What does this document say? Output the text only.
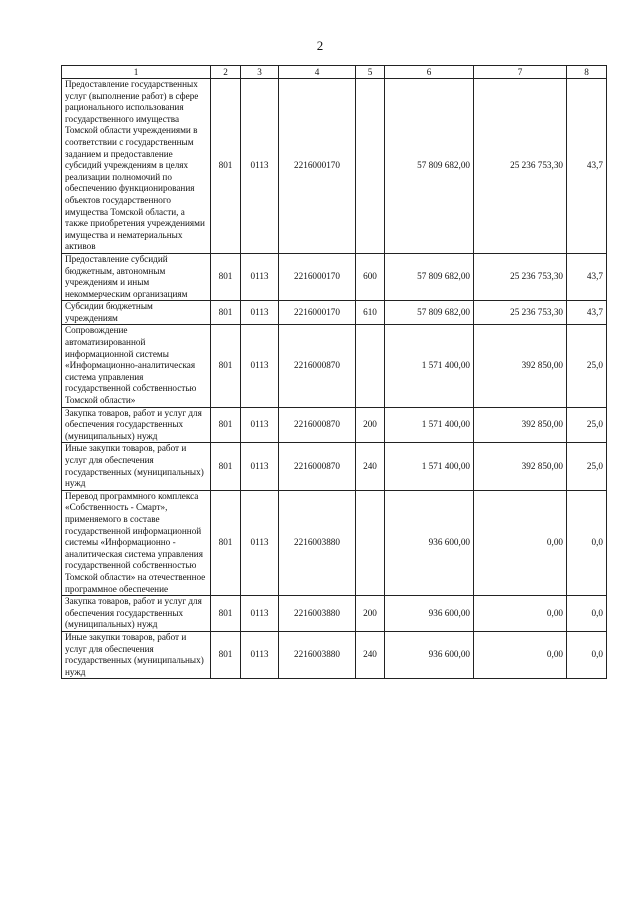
2
1	2	3	4	5	6	7	8
Предоставление государственных услуг (выполнение работ) в сфере рационального использования государственного имущества Томской области учреждениями в соответствии с государственным заданием и предоставление субсидий учреждениям в целях реализации полномочий по обеспечению функционирования объектов государственного имущества Томской области, а также приобретения учреждениями имущества и нематериальных активов	801	0113	2216000170		57 809 682,00	25 236 753,30	43,7
Предоставление субсидий бюджетным, автономным учреждениям и иным некоммерческим организациям	801	0113	2216000170	600	57 809 682,00	25 236 753,30	43,7
Субсидии бюджетным учреждениям	801	0113	2216000170	610	57 809 682,00	25 236 753,30	43,7
Сопровождение автоматизированной информационной системы «Информационно-аналитическая система управления государственной собственностью Томской области»	801	0113	2216000870		1 571 400,00	392 850,00	25,0
Закупка товаров, работ и услуг для обеспечения государственных (муниципальных) нужд	801	0113	2216000870	200	1 571 400,00	392 850,00	25,0
Иные закупки товаров, работ и услуг для обеспечения государственных (муниципальных) нужд	801	0113	2216000870	240	1 571 400,00	392 850,00	25,0
Перевод программного комплекса «Собственность - Смарт», применяемого в составе государственной информационной системы «Информационно - аналитическая система управления государственной собственностью Томской области» на отечественное программное обеспечение	801	0113	2216003880		936 600,00	0,00	0,0
Закупка товаров, работ и услуг для обеспечения государственных (муниципальных) нужд	801	0113	2216003880	200	936 600,00	0,00	0,0
Иные закупки товаров, работ и услуг для обеспечения государственных (муниципальных) нужд	801	0113	2216003880	240	936 600,00	0,00	0,0
